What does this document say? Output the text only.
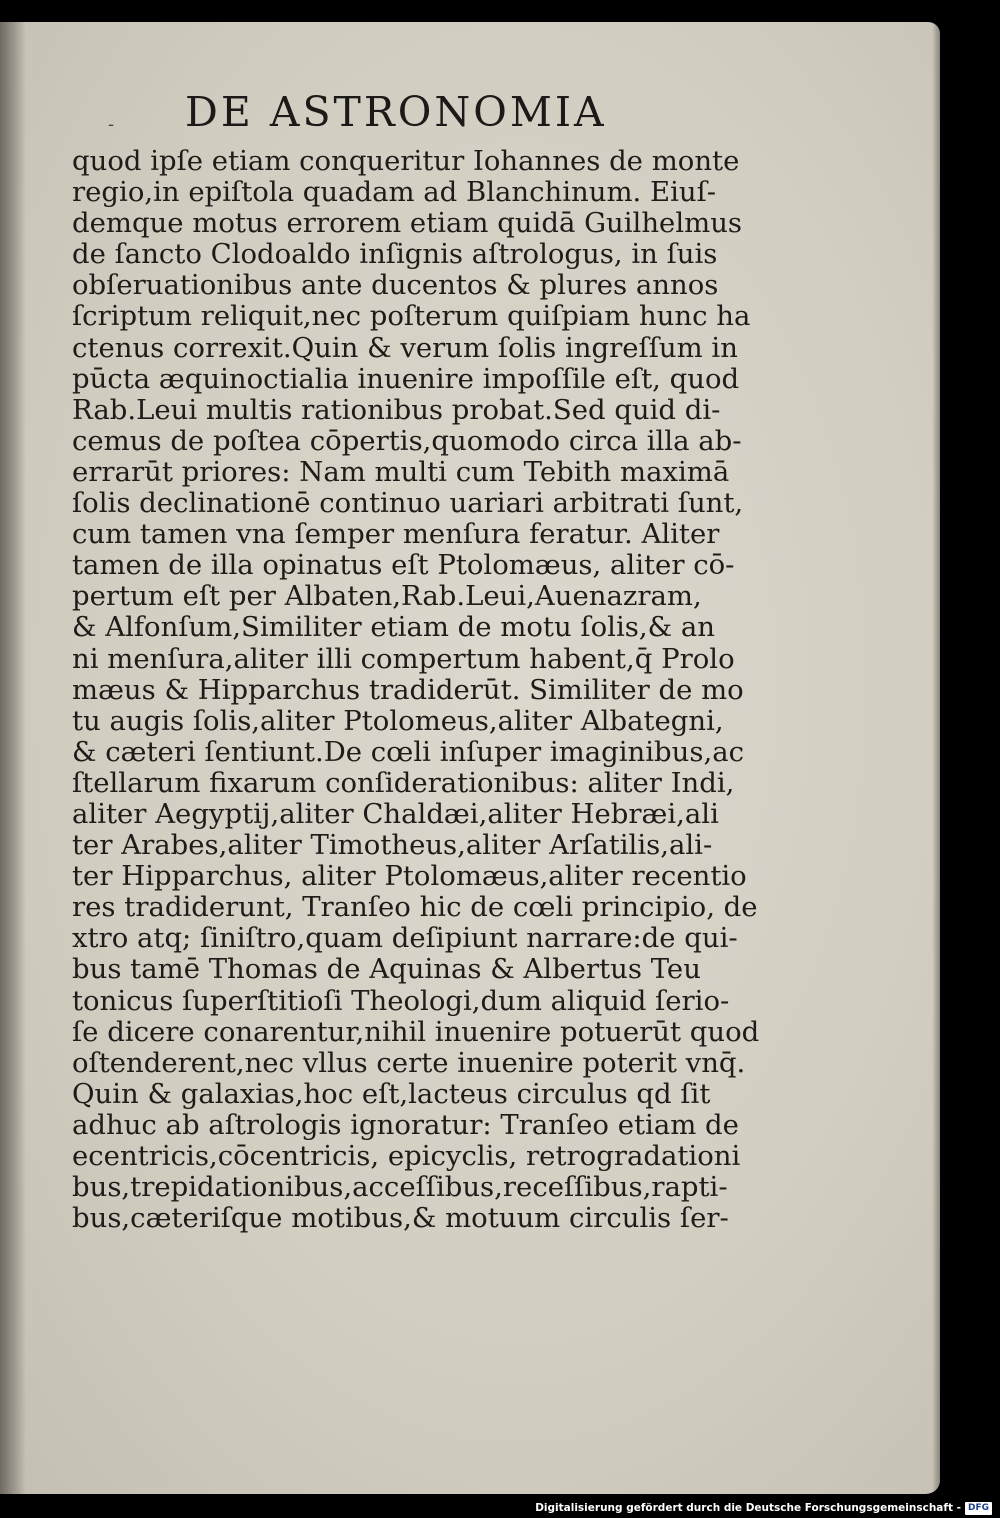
- DE ASTRONOMIA
quod ipſe etiam conqueritur Iohannes de monte
regio,in epiſtola quadam ad Blanchinum. Eiuſ-
demque motus errorem etiam quidā Guilhelmus
de ſancto Clodoaldo inſignis aſtrologus, in ſuis
obſeruationibus ante ducentos & plures annos
ſcriptum reliquit,nec poſterum quiſpiam hunc ha
ctenus correxit.Quin & verum ſolis ingreſſum in
pūcta æquinoctialia inuenire impoſſile eſt, quod
Rab.Leui multis rationibus probat.Sed quid di-
cemus de poſtea cōpertis,quomodo circa illa ab-
errarūt priores: Nam multi cum Tebith maximā
ſolis declinationē continuo uariari arbitrati ſunt,
cum tamen vna ſemper menſura feratur. Aliter
tamen de illa opinatus eſt Ptolomæus, aliter cō-
pertum eſt per Albaten,Rab.Leui,Auenazram,
& Alfonſum,Similiter etiam de motu ſolis,& an
ni menſura,aliter illi compertum habent,q̄ Prolo
mæus & Hipparchus tradiderūt. Similiter de mo
tu augis ſolis,aliter Ptolomeus,aliter Albategni,
& cæteri ſentiunt.De cœli inſuper imaginibus,ac
ſtellarum fixarum conſiderationibus: aliter Indi,
aliter Aegyptij,aliter Chaldæi,aliter Hebræi,ali
ter Arabes,aliter Timotheus,aliter Arſatilis,ali-
ter Hipparchus, aliter Ptolomæus,aliter recentio
res tradiderunt, Tranſeo hic de cœli principio, de
xtro atq; ſiniſtro,quam deſipiunt narrare:de qui-
bus tamē Thomas de Aquinas & Albertus Teu
tonicus ſuperſtitioſi Theologi,dum aliquid ſerio-
ſe dicere conarentur,nihil inuenire potuerūt quod
oſtenderent,nec vllus certe inuenire poterit vnq̄.
Quin & galaxias,hoc eſt,lacteus circulus qd ſit
adhuc ab aſtrologis ignoratur: Tranſeo etiam de
ecentricis,cōcentricis, epicyclis, retrogradationi
bus,trepidationibus,acceſſibus,receſſibus,rapti-
bus,cæteriſque motibus,& motuum circulis ſer-
Digitalisierung gefördert durch die Deutsche Forschungsgemeinschaft - DFG
